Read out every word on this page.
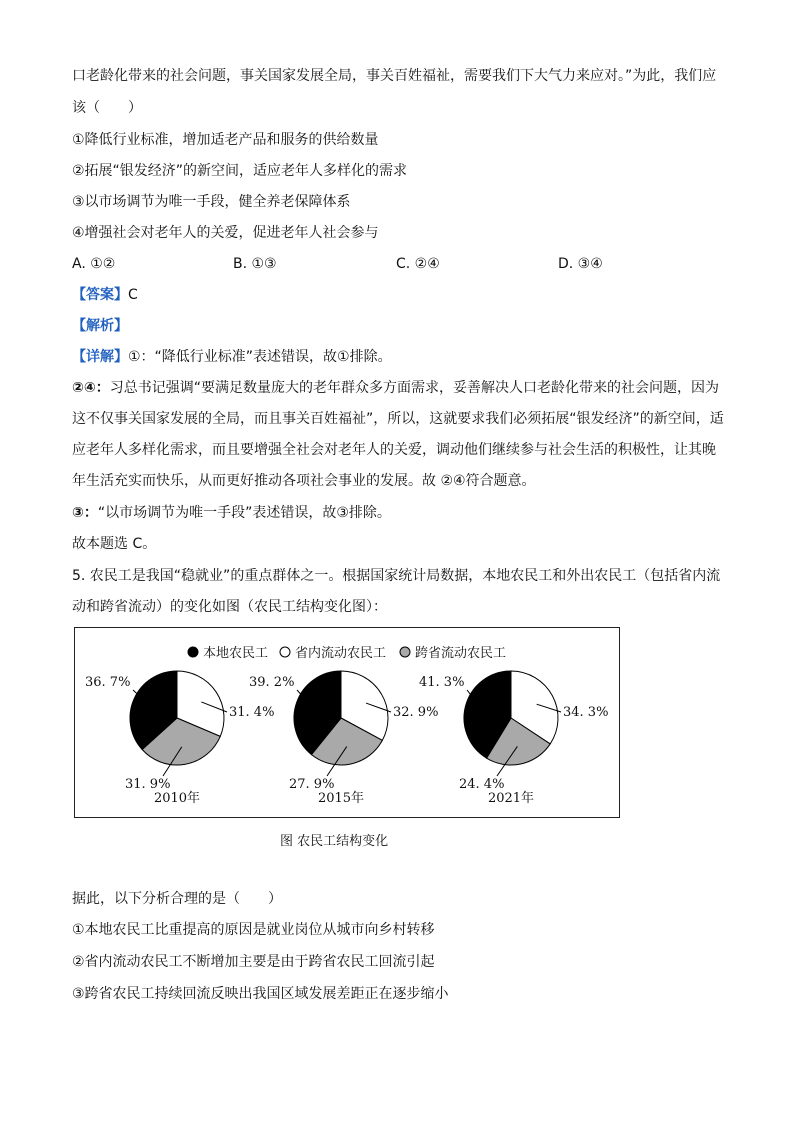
口老龄化带来的社会问题，事关国家发展全局，事关百姓福祉，需要我们下大气力来应对。”为此，我们应
该（　　）
①降低行业标准，增加适老产品和服务的供给数量
②拓展“银发经济”的新空间，适应老年人多样化的需求
③以市场调节为唯一手段，健全养老保障体系
④增强社会对老年人的关爱，促进老年人社会参与
A. ①②	B. ①③	C. ②④	D. ③④
【答案】C
【解析】
【详解】①：“降低行业标准”表述错误，故①排除。
②④：习总书记强调“要满足数量庞大的老年群众多方面需求，妥善解决人口老龄化带来的社会问题，因为
这不仅事关国家发展的全局，而且事关百姓福祉”，所以，这就要求我们必须拓展“银发经济”的新空间，适
应老年人多样化需求，而且要增强全社会对老年人的关爱，调动他们继续参与社会生活的积极性，让其晚
年生活充实而快乐，从而更好推动各项社会事业的发展。故 ②④符合题意。
③：“以市场调节为唯一手段”表述错误，故③排除。
故本题选 C。
5. 农民工是我国“稳就业”的重点群体之一。根据国家统计局数据，本地农民工和外出农民工（包括省内流
动和跨省流动）的变化如图（农民工结构变化图）：
本地农民工 省内流动农民工 跨省流动农民工
36. 7%
31. 4%
31. 9%
2010年
39. 2%
32. 9%
27. 9%
2015年
41. 3%
34. 3%
24. 4%
2021年
图 农民工结构变化
据此，以下分析合理的是（　　）
①本地农民工比重提高的原因是就业岗位从城市向乡村转移
②省内流动农民工不断增加主要是由于跨省农民工回流引起
③跨省农民工持续回流反映出我国区域发展差距正在逐步缩小
